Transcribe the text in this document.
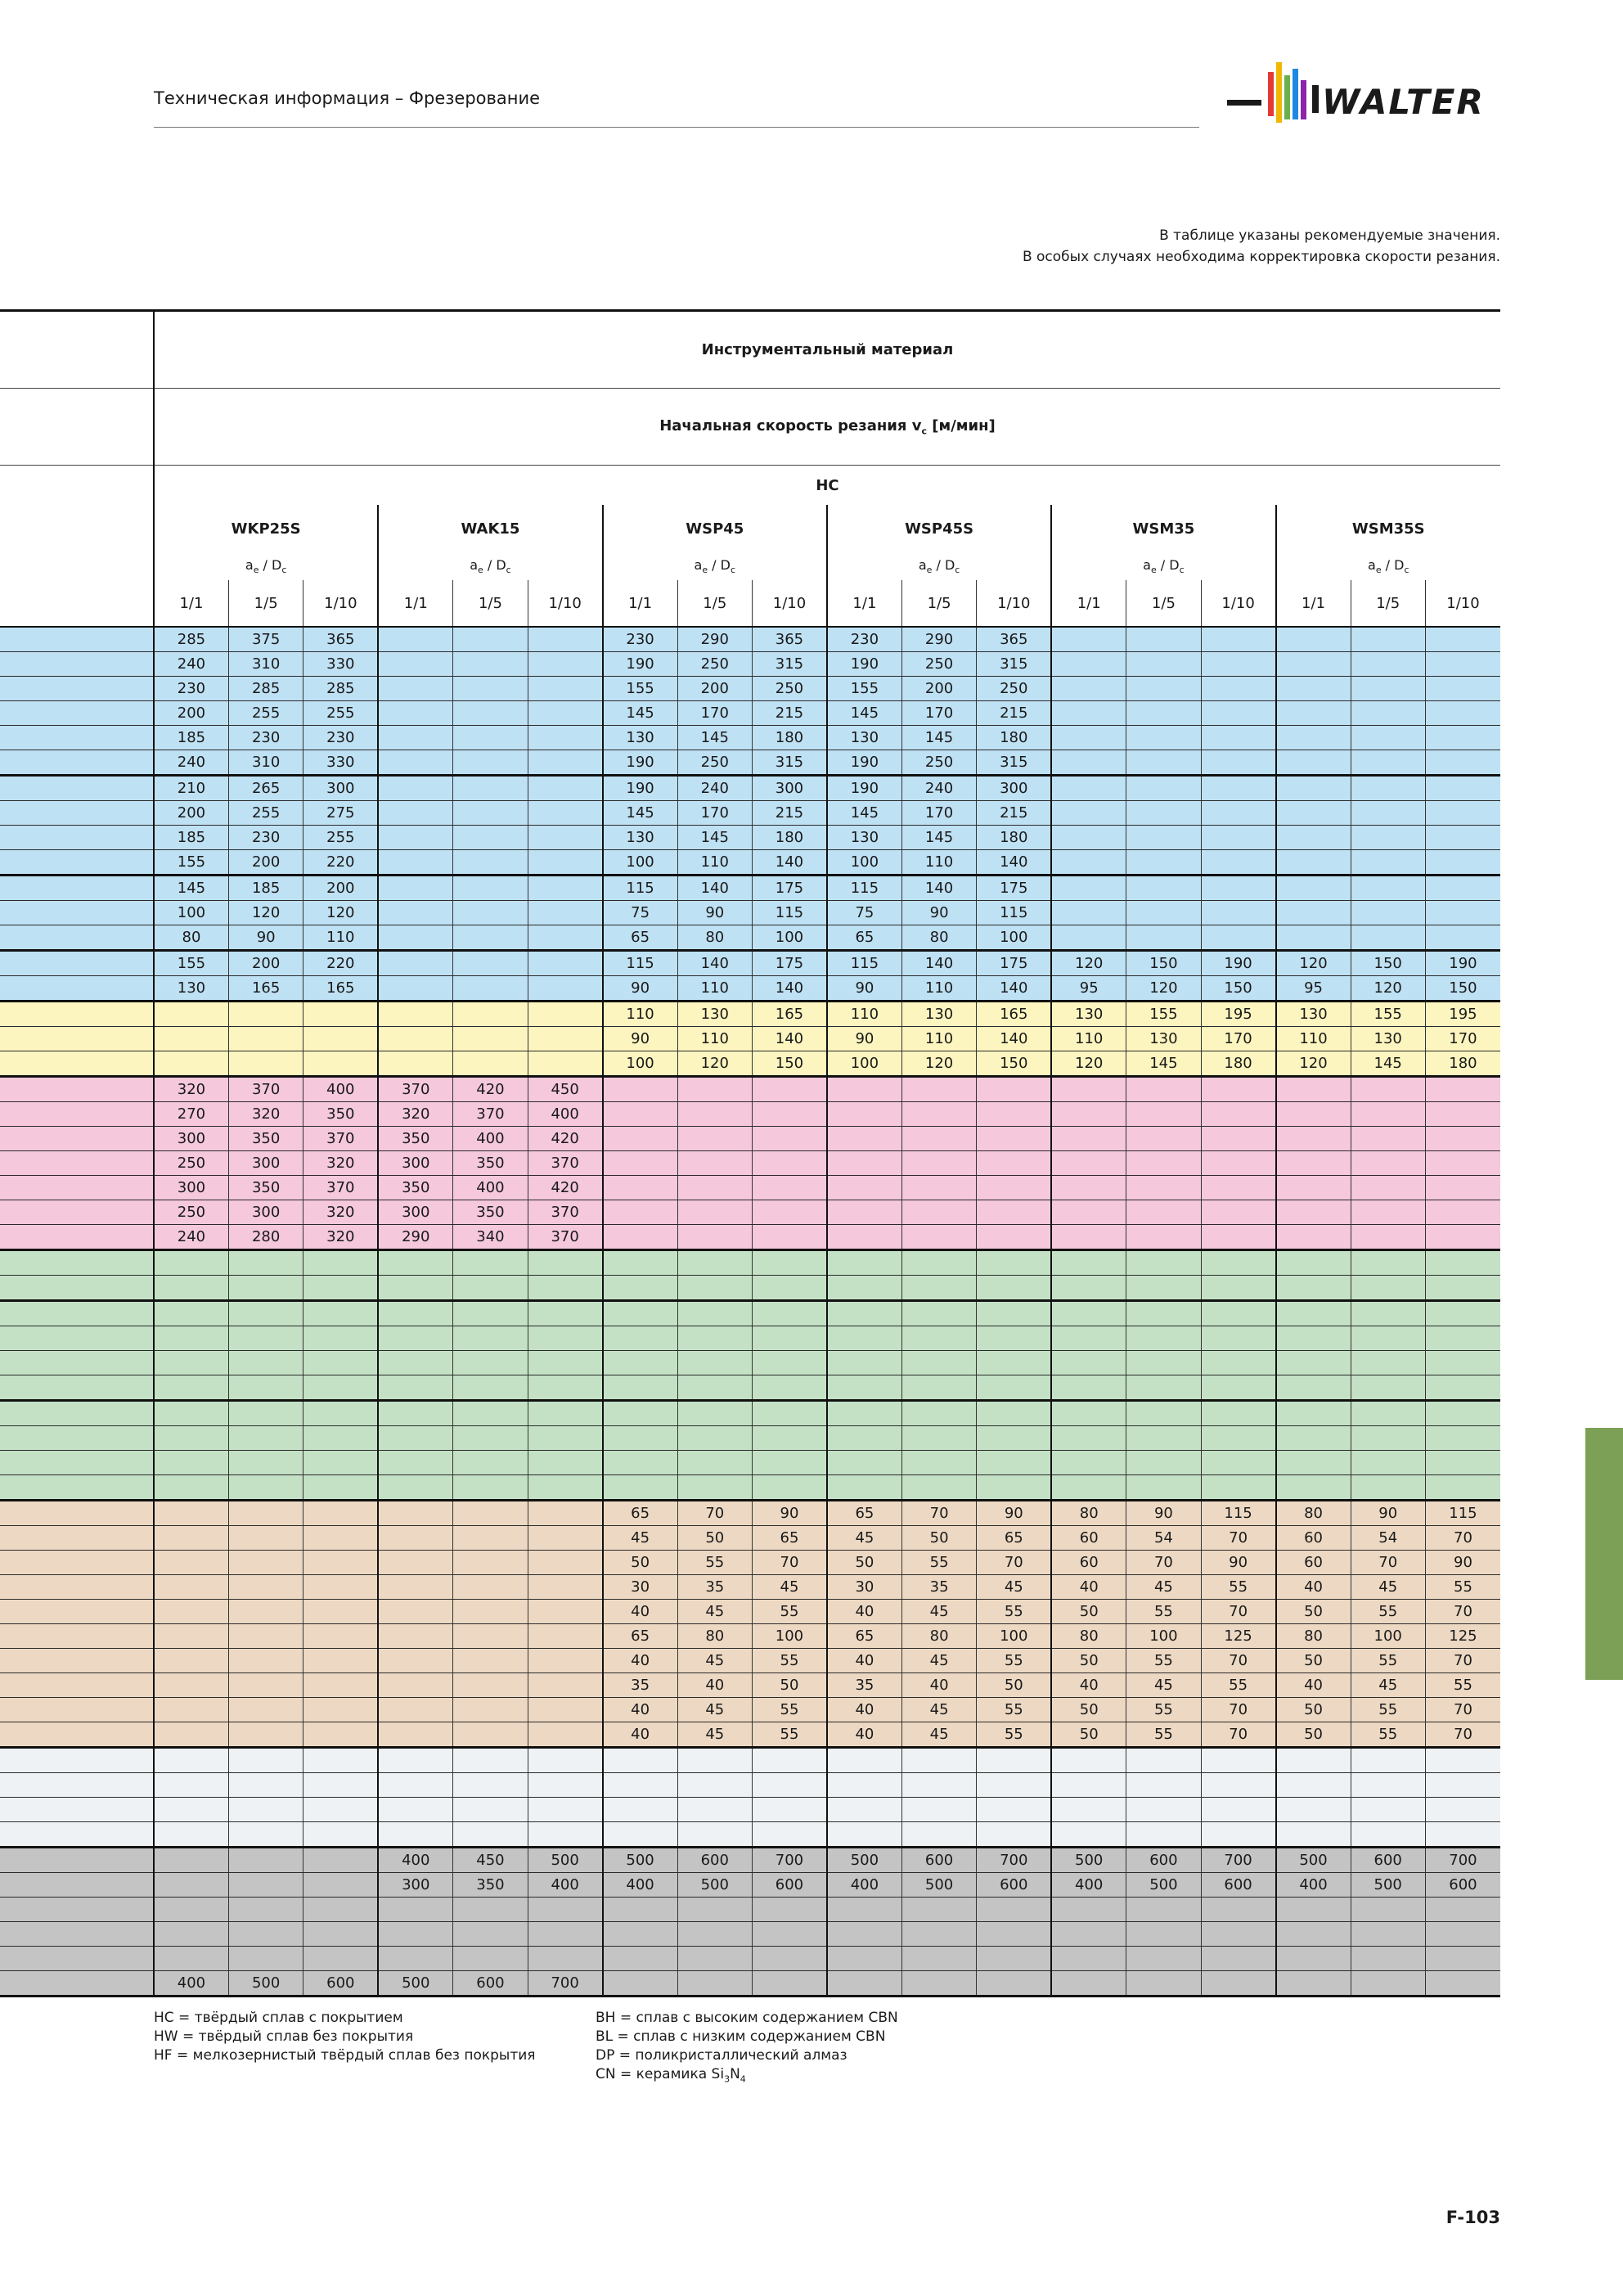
Техническая информация – Фрезерование	WALTER
В таблице указаны рекомендуемые значения.
В особых случаях необходима корректировка скорости резания.
	Инструментальный материал																	
	Начальная скорость резания $v_c$ [м/мин]																	
	HC																	
	WKP25S			WAK15			WSP45			WSP45S			WSM35			WSM35S		
	$a_e / D_c$			$a_e / D_c$			$a_e / D_c$			$a_e / D_c$			$a_e / D_c$			$a_e / D_c$
	1/1	1/5	1/10	1/1	1/5	1/10	1/1	1/5	1/10	1/1	1/5	1/10	1/1	1/5	1/10	1/1	1/5	1/10
	285	375	365				230	290	365	230	290	365						
	240	310	330				190	250	315	190	250	315						
	230	285	285				155	200	250	155	200	250						
	200	255	255				145	170	215	145	170	215						
	185	230	230				130	145	180	130	145	180						
	240	310	330				190	250	315	190	250	315						
	210	265	300				190	240	300	190	240	300						
	200	255	275				145	170	215	145	170	215						
	185	230	255				130	145	180	130	145	180						
	155	200	220				100	110	140	100	110	140						
	145	185	200				115	140	175	115	140	175						
	100	120	120				75	90	115	75	90	115						
	80	90	110				65	80	100	65	80	100						
	155	200	220				115	140	175	115	140	175	120	150	190	120	150	190
	130	165	165				90	110	140	90	110	140	95	120	150	95	120	150
							110	130	165	110	130	165	130	155	195	130	155	195
							90	110	140	90	110	140	110	130	170	110	130	170
							100	120	150	100	120	150	120	145	180	120	145	180
	320	370	400	370	420	450												
	270	320	350	320	370	400												
	300	350	370	350	400	420												
	250	300	320	300	350	370												
	300	350	370	350	400	420												
	250	300	320	300	350	370												
	240	280	320	290	340	370												

							65	70	90	65	70	90	80	90	115	80	90	115
							45	50	65	45	50	65	60	54	70	60	54	70
							50	55	70	50	55	70	60	70	90	60	70	90
							30	35	45	30	35	45	40	45	55	40	45	55
							40	45	55	40	45	55	50	55	70	50	55	70
							65	80	100	65	80	100	80	100	125	80	100	125
							40	45	55	40	45	55	50	55	70	50	55	70
							35	40	50	35	40	50	40	45	55	40	45	55
							40	45	55	40	45	55	50	55	70	50	55	70
							40	45	55	40	45	55	50	55	70	50	55	70

				400	450	500	500	600	700	500	600	700	500	600	700	500	600	700
				300	350	400	400	500	600	400	500	600	400	500	600	400	500	600

	400	500	600	500	600	700												
HC = твёрдый сплав с покрытием
HW = твёрдый сплав без покрытия
HF = мелкозернистый твёрдый сплав без покрытия
BH = сплав с высоким содержанием CBN
BL = сплав с низким содержанием CBN
DP = поликристаллический алмаз
CN = керамика $Si_3N_4$
F-103
